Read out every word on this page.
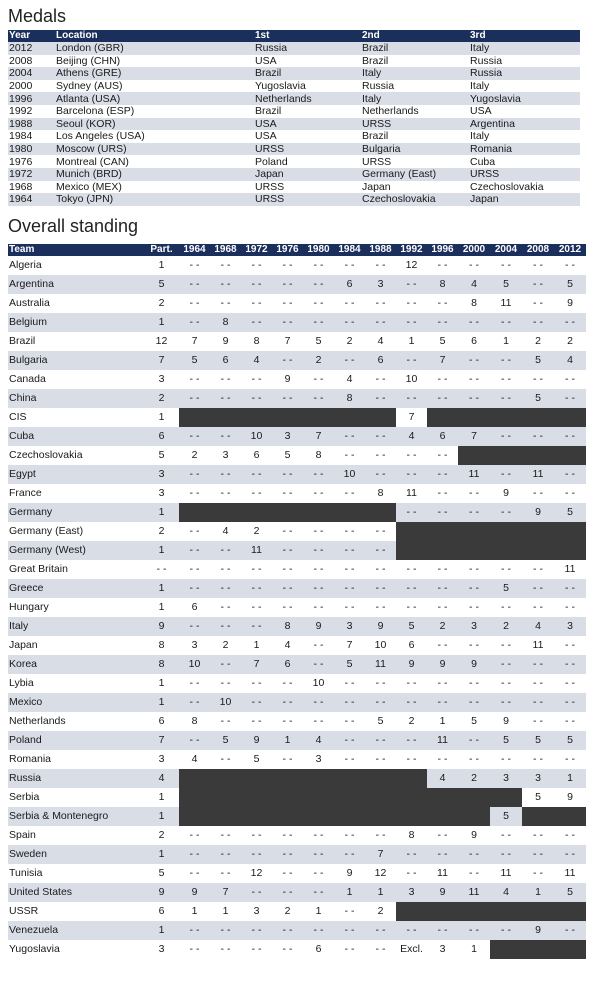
Medals
Year	Location	1st	2nd	3rd
2012	London (GBR)	Russia	Brazil	Italy
2008	Beijing (CHN)	USA	Brazil	Russia
2004	Athens (GRE)	Brazil	Italy	Russia
2000	Sydney (AUS)	Yugoslavia	Russia	Italy
1996	Atlanta (USA)	Netherlands	Italy	Yugoslavia
1992	Barcelona (ESP)	Brazil	Netherlands	USA
1988	Seoul (KOR)	USA	URSS	Argentina
1984	Los Angeles (USA)	USA	Brazil	Italy
1980	Moscow (URS)	URSS	Bulgaria	Romania
1976	Montreal (CAN)	Poland	URSS	Cuba
1972	Munich (BRD)	Japan	Germany (East)	URSS
1968	Mexico (MEX)	URSS	Japan	Czechoslovakia
1964	Tokyo (JPN)	URSS	Czechoslovakia	Japan
Overall standing
Team	Part.	1964	1968	1972	1976	1980	1984	1988	1992	1996	2000	2004	2008	2012
Algeria	1	- -	- -	- -	- -	- -	- -	- -	12	- -	- -	- -	- -	- -
Argentina	5	- -	- -	- -	- -	- -	6	3	- -	8	4	5	- -	5
Australia	2	- -	- -	- -	- -	- -	- -	- -	- -	- -	8	11	- -	9
Belgium	1	- -	8	- -	- -	- -	- -	- -	- -	- -	- -	- -	- -	- -
Brazil	12	7	9	8	7	5	2	4	1	5	6	1	2	2
Bulgaria	7	5	6	4	- -	2	- -	6	- -	7	- -	- -	5	4
Canada	3	- -	- -	- -	9	- -	4	- -	10	- -	- -	- -	- -	- -
China	2	- -	- -	- -	- -	- -	8	- -	- -	- -	- -	- -	5	- -
CIS	1								7					
Cuba	6	- -	- -	10	3	7	- -	- -	4	6	7	- -	- -	- -
Czechoslovakia	5	2	3	6	5	8	- -	- -	- -	- -				
Egypt	3	- -	- -	- -	- -	- -	10	- -	- -	- -	11	- -	11	- -
France	3	- -	- -	- -	- -	- -	- -	8	11	- -	- -	9	- -	- -
Germany	1								- -	- -	- -	- -	9	5
Germany (East)	2	- -	4	2	- -	- -	- -	- -						
Germany (West)	1	- -	- -	11	- -	- -	- -	- -						
Great Britain	- -	- -	- -	- -	- -	- -	- -	- -	- -	- -	- -	- -	- -	11
Greece	1	- -	- -	- -	- -	- -	- -	- -	- -	- -	- -	5	- -	- -
Hungary	1	6	- -	- -	- -	- -	- -	- -	- -	- -	- -	- -	- -	- -
Italy	9	- -	- -	- -	8	9	3	9	5	2	3	2	4	3
Japan	8	3	2	1	4	- -	7	10	6	- -	- -	- -	11	- -
Korea	8	10	- -	7	6	- -	5	11	9	9	9	- -	- -	- -
Lybia	1	- -	- -	- -	- -	10	- -	- -	- -	- -	- -	- -	- -	- -
Mexico	1	- -	10	- -	- -	- -	- -	- -	- -	- -	- -	- -	- -	- -
Netherlands	6	8	- -	- -	- -	- -	- -	5	2	1	5	9	- -	- -
Poland	7	- -	5	9	1	4	- -	- -	- -	11	- -	5	5	5
Romania	3	4	- -	5	- -	3	- -	- -	- -	- -	- -	- -	- -	- -
Russia	4									4	2	3	3	1
Serbia	1												5	9
Serbia & Montenegro	1											5		
Spain	2	- -	- -	- -	- -	- -	- -	- -	8	- -	9	- -	- -	- -
Sweden	1	- -	- -	- -	- -	- -	- -	7	- -	- -	- -	- -	- -	- -
Tunisia	5	- -	- -	12	- -	- -	9	12	- -	11	- -	11	- -	11
United States	9	9	7	- -	- -	- -	1	1	3	9	11	4	1	5
USSR	6	1	1	3	2	1	- -	2						
Venezuela	1	- -	- -	- -	- -	- -	- -	- -	- -	- -	- -	- -	9	- -
Yugoslavia	3	- -	- -	- -	- -	6	- -	- -	Excl.	3	1			
